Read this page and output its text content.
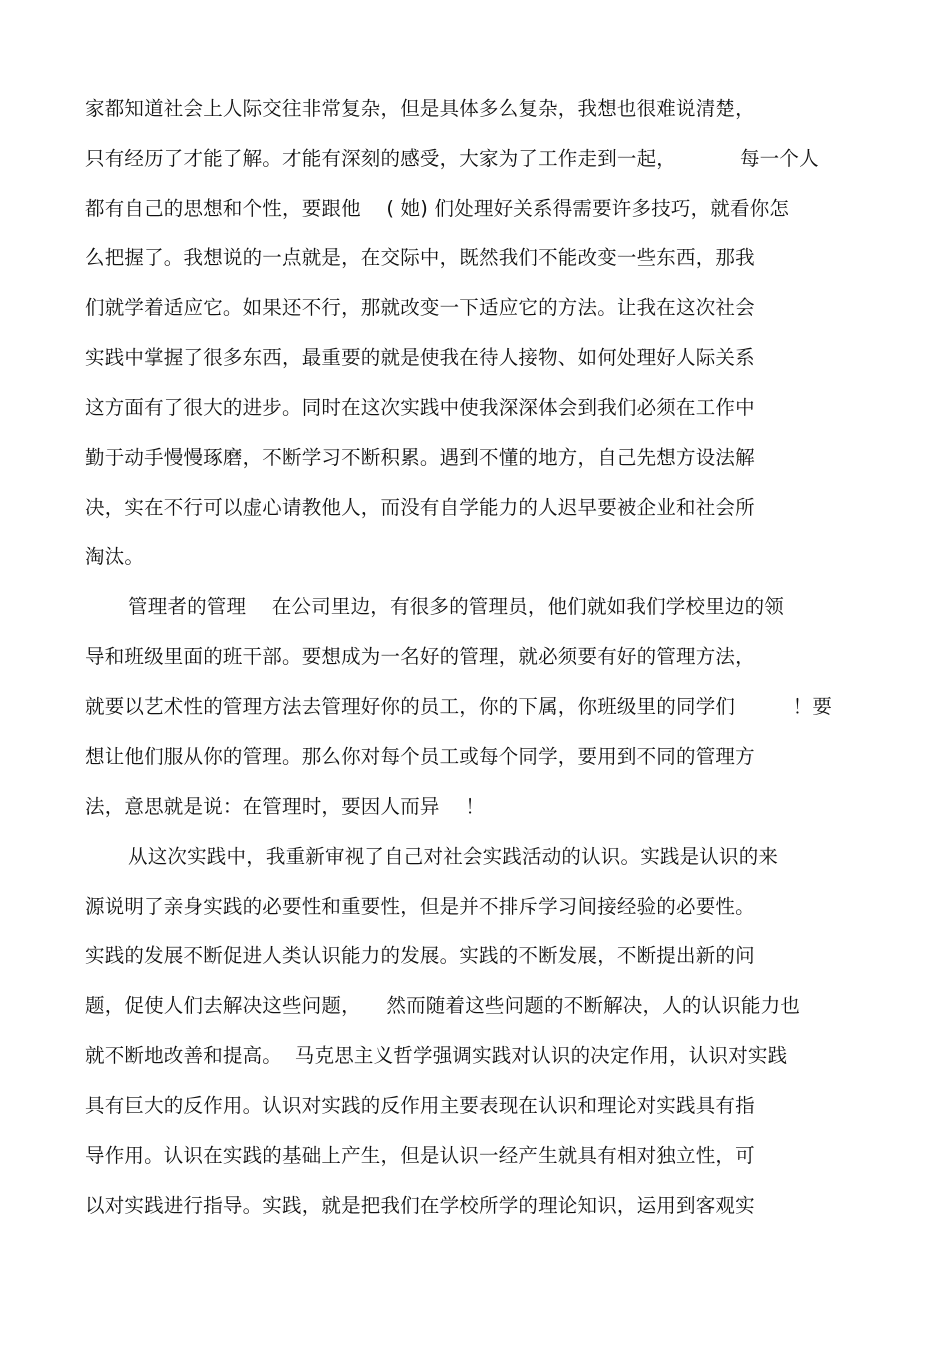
家都知道社会上人际交往非常复杂，但是具体多么复杂，我想也很难说清楚，
只有经历了才能了解。才能有深刻的感受，大家为了工作走到一起，          每一个人
都有自己的思想和个性，要跟他    ( 她) 们处理好关系得需要许多技巧，就看你怎
么把握了。我想说的一点就是，在交际中，既然我们不能改变一些东西，那我
们就学着适应它。如果还不行，那就改变一下适应它的方法。让我在这次社会
实践中掌握了很多东西，最重要的就是使我在待人接物、如何处理好人际关系
这方面有了很大的进步。同时在这次实践中使我深深体会到我们必须在工作中
勤于动手慢慢琢磨，不断学习不断积累。遇到不懂的地方，自己先想方设法解
决，实在不行可以虚心请教他人，而没有自学能力的人迟早要被企业和社会所
淘汰。
管理者的管理    在公司里边，有很多的管理员，他们就如我们学校里边的领
导和班级里面的班干部。要想成为一名好的管理，就必须要有好的管理方法，
就要以艺术性的管理方法去管理好你的员工，你的下属，你班级里的同学们         ！要
想让他们服从你的管理。那么你对每个员工或每个同学，要用到不同的管理方
法，意思就是说：在管理时，要因人而异    ！
从这次实践中，我重新审视了自己对社会实践活动的认识。实践是认识的来
源说明了亲身实践的必要性和重要性，但是并不排斥学习间接经验的必要性。
实践的发展不断促进人类认识能力的发展。实践的不断发展，不断提出新的问
题，促使人们去解决这些问题，    然而随着这些问题的不断解决，人的认识能力也
就不断地改善和提高。  马克思主义哲学强调实践对认识的决定作用，认识对实践
具有巨大的反作用。认识对实践的反作用主要表现在认识和理论对实践具有指
导作用。认识在实践的基础上产生，但是认识一经产生就具有相对独立性，可
以对实践进行指导。实践，就是把我们在学校所学的理论知识，运用到客观实
